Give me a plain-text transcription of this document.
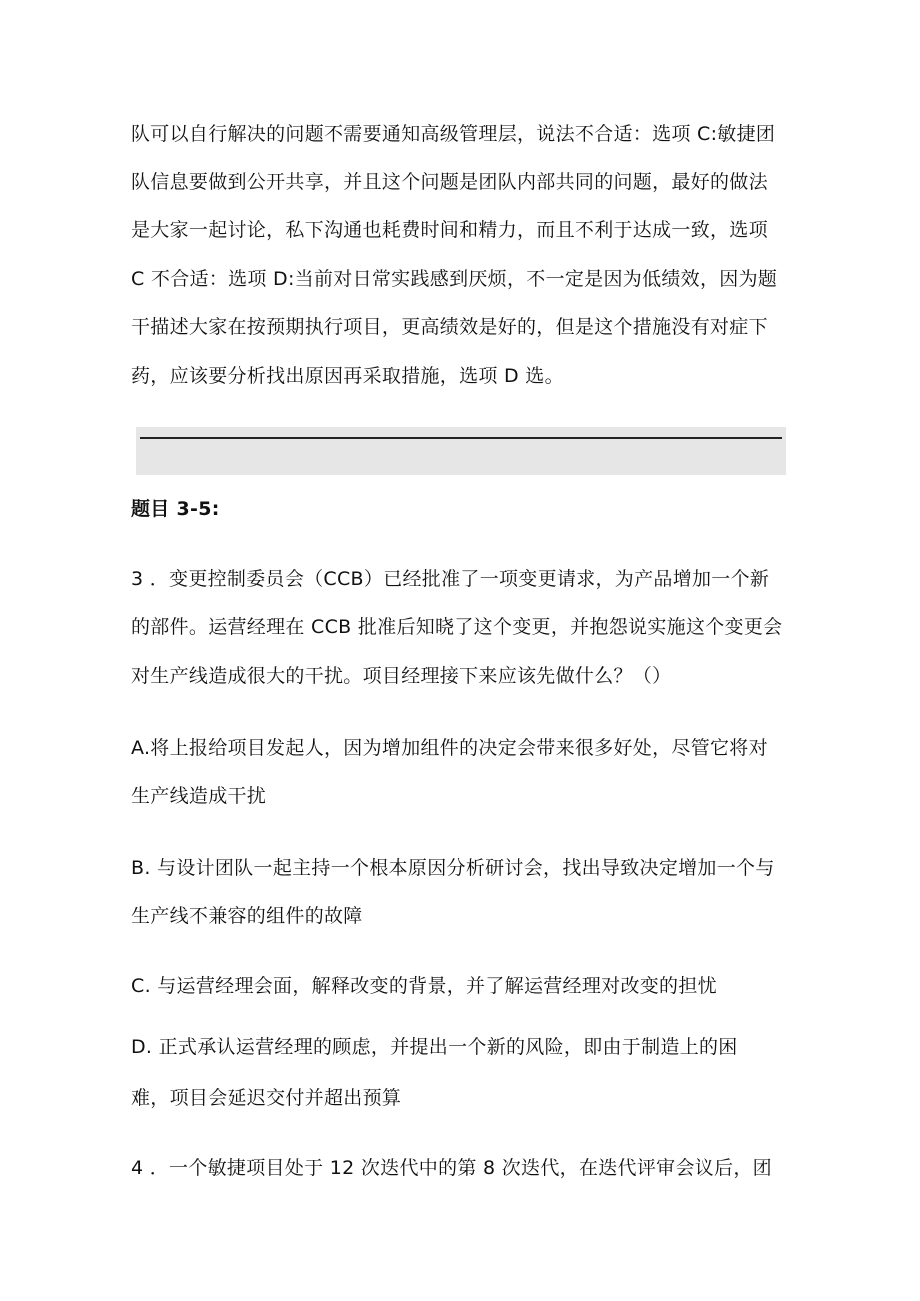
队可以自行解决的问题不需要通知高级管理层，说法不合适：选项 C:敏捷团
队信息要做到公开共享，并且这个问题是团队内部共同的问题，最好的做法
是大家一起讨论，私下沟通也耗费时间和精力，而且不利于达成一致，选项
C 不合适：选项 D:当前对日常实践感到厌烦，不一定是因为低绩效，因为题
干描述大家在按预期执行项目，更高绩效是好的，但是这个措施没有对症下
药，应该要分析找出原因再采取措施，选项 D 选。
题目 3-5:
3 ．变更控制委员会（CCB）已经批准了一项变更请求，为产品增加一个新
的部件。运营经理在 CCB 批准后知晓了这个变更，并抱怨说实施这个变更会
对生产线造成很大的干扰。项目经理接下来应该先做什么？（）
A.将上报给项目发起人，因为增加组件的决定会带来很多好处，尽管它将对
生产线造成干扰
B. 与设计团队一起主持一个根本原因分析研讨会，找出导致决定增加一个与
生产线不兼容的组件的故障
C. 与运营经理会面，解释改变的背景，并了解运营经理对改变的担忧
D. 正式承认运营经理的顾虑，并提出一个新的风险，即由于制造上的困
难，项目会延迟交付并超出预算
4 ．一个敏捷项目处于 12 次迭代中的第 8 次迭代，在迭代评审会议后，团
